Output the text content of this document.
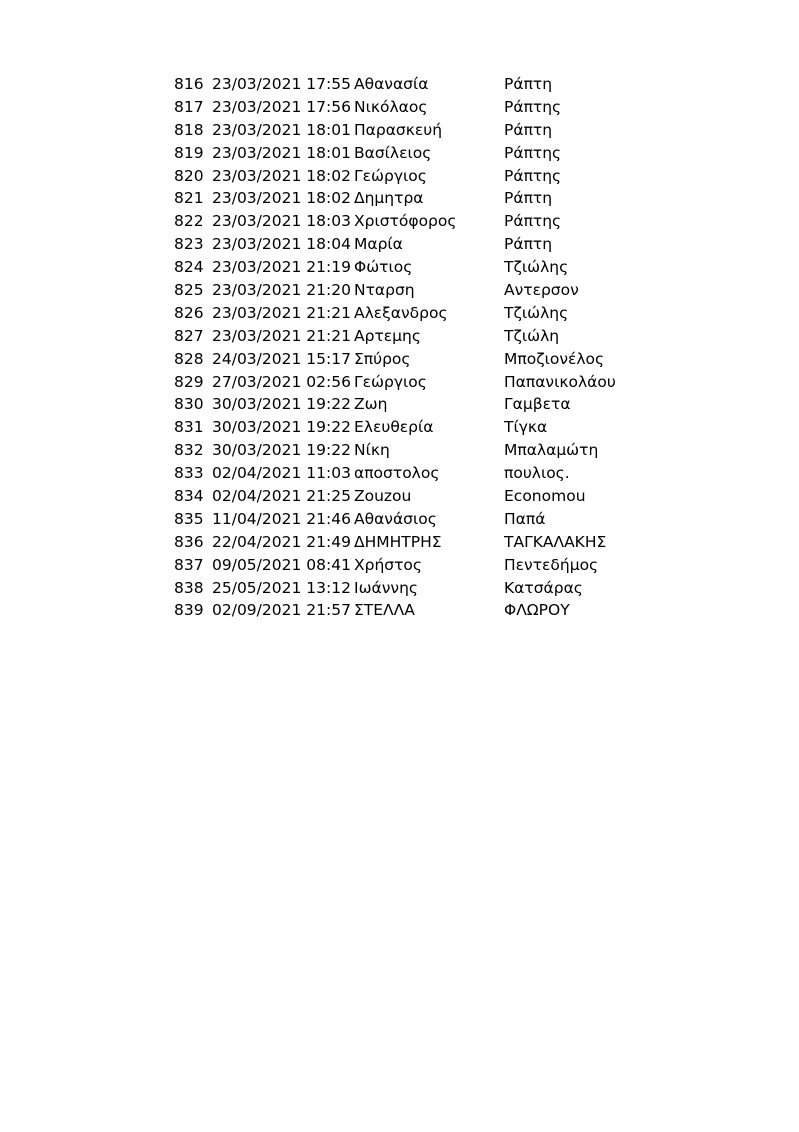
816 23/03/2021 17:55 Αθανασία	Ράπτη
817 23/03/2021 17:56 Νικόλαος	Ράπτης
818 23/03/2021 18:01 Παρασκευή	Ράπτη
819 23/03/2021 18:01 Βασίλειος	Ράπτης
820 23/03/2021 18:02 Γεώργιος	Ράπτης
821 23/03/2021 18:02 Δημητρα	Ράπτη
822 23/03/2021 18:03 Χριστόφορος	Ράπτης
823 23/03/2021 18:04 Μαρία	Ράπτη
824 23/03/2021 21:19 Φώτιος	Τζιώλης
825 23/03/2021 21:20 Νταρση	Αντερσον
826 23/03/2021 21:21 Αλεξανδρος	Τζιώλης
827 23/03/2021 21:21 Αρτεμης	Τζιώλη
828 24/03/2021 15:17 Σπύρος	Μποζιονέλος
829 27/03/2021 02:56 Γεώργιος	Παπανικολάου
830 30/03/2021 19:22 Ζωη	Γαμβετα
831 30/03/2021 19:22 Ελευθερία	Τίγκα
832 30/03/2021 19:22 Νίκη	Μπαλαμώτη
833 02/04/2021 11:03 αποστολος	πουλιος.
834 02/04/2021 21:25 Zouzou	Economou
835 11/04/2021 21:46 Αθανάσιος	Παπά
836 22/04/2021 21:49 ΔΗΜΗΤΡΗΣ	ΤΑΓΚΑΛΑΚΗΣ
837 09/05/2021 08:41 Χρήστος	Πεντεδήμος
838 25/05/2021 13:12 Ιωάννης	Κατσάρας
839 02/09/2021 21:57 ΣΤΕΛΛΑ	ΦΛΩΡΟΥ
